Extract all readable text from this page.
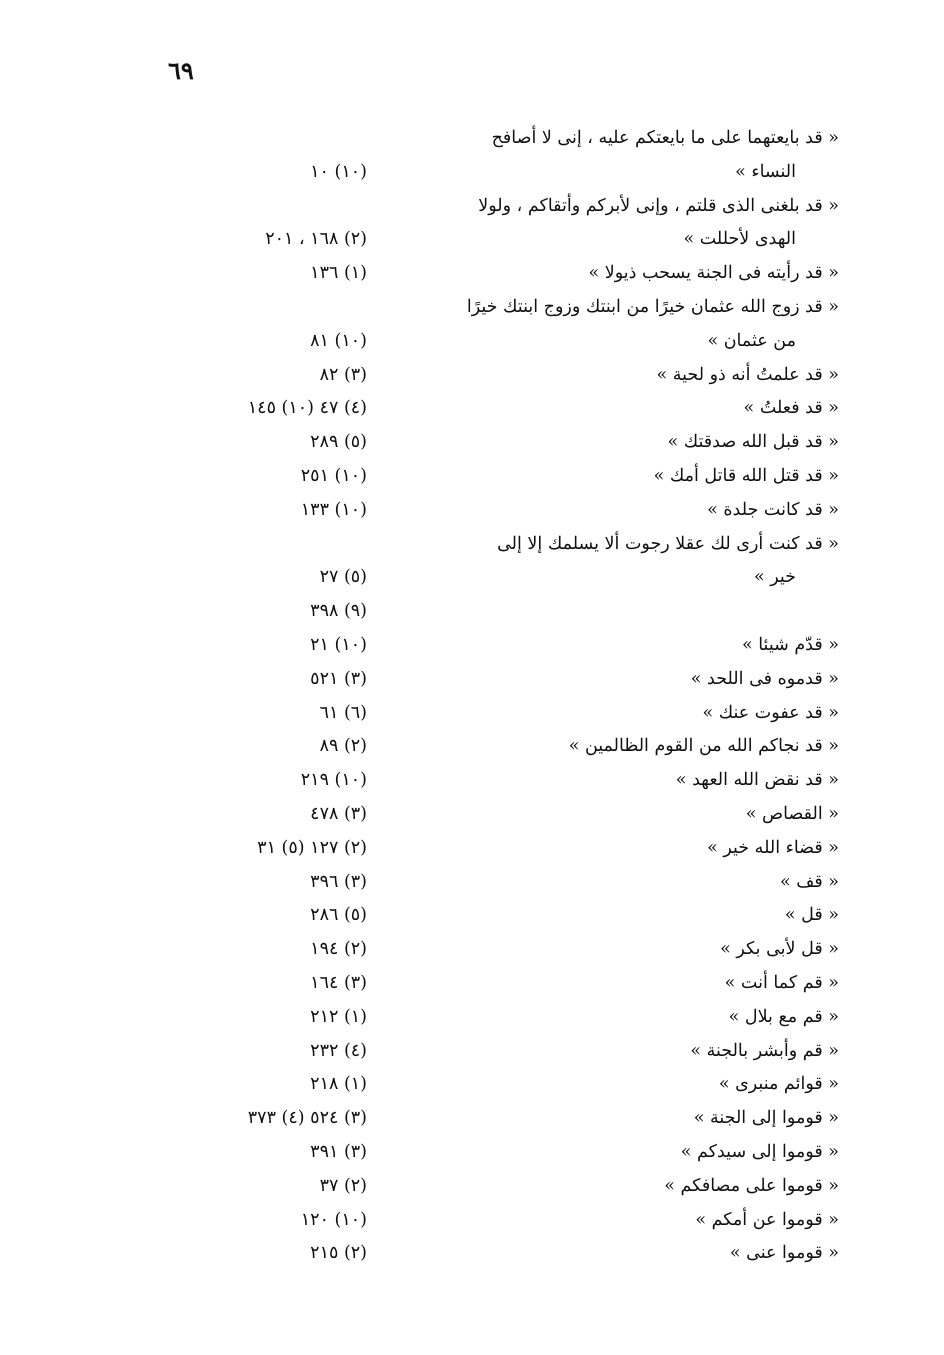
٦٩
« قد بايعتهما على ما بايعتكم عليه ، إنى لا أصافح
النساء »
(١٠) ١٠
« قد بلغنى الذى قلتم ، وإنى لأبركم وأتقاكم ، ولولا
الهدى لأحللت »
(٢) ١٦٨ ، ٢٠١
« قد رأيته فى الجنة يسحب ذيولا »
(١) ١٣٦
« قد زوج الله عثمان خيرًا من ابنتك وزوج ابنتك خيرًا
من عثمان »
(١٠) ٨١
« قد علمتُ أنه ذو لحية »
(٣) ٨٢
« قد فعلتُ »
(٤) ٤٧ (١٠) ١٤٥
« قد قبل الله صدقتك »
(٥) ٢٨٩
« قد قتل الله قاتل أمك »
(١٠) ٢٥١
« قد كانت جلدة »
(١٠) ١٣٣
« قد كنت أرى لك عقلا رجوت ألا يسلمك إلا إلى
خير »
(٥) ٢٧
(٩) ٣٩٨
« قدّم شيئا »
(١٠) ٢١
« قدموه فى اللحد »
(٣) ٥٢١
« قد عفوت عنك »
(٦) ٦١
« قد نجاكم الله من القوم الظالمين »
(٢) ٨٩
« قد نقض الله العهد »
(١٠) ٢١٩
« القصاص »
(٣) ٤٧٨
« قضاء الله خير »
(٢) ١٢٧ (٥) ٣١
« قف »
(٣) ٣٩٦
« قل »
(٥) ٢٨٦
« قل لأبى بكر »
(٢) ١٩٤
« قم كما أنت »
(٣) ١٦٤
« قم مع بلال »
(١) ٢١٢
« قم وأبشر بالجنة »
(٤) ٢٣٢
« قوائم منبرى »
(١) ٢١٨
« قوموا إلى الجنة »
(٣) ٥٢٤ (٤) ٣٧٣
« قوموا إلى سيدكم »
(٣) ٣٩١
« قوموا على مصافكم »
(٢) ٣٧
« قوموا عن أمكم »
(١٠) ١٢٠
« قوموا عنى »
(٢) ٢١٥
